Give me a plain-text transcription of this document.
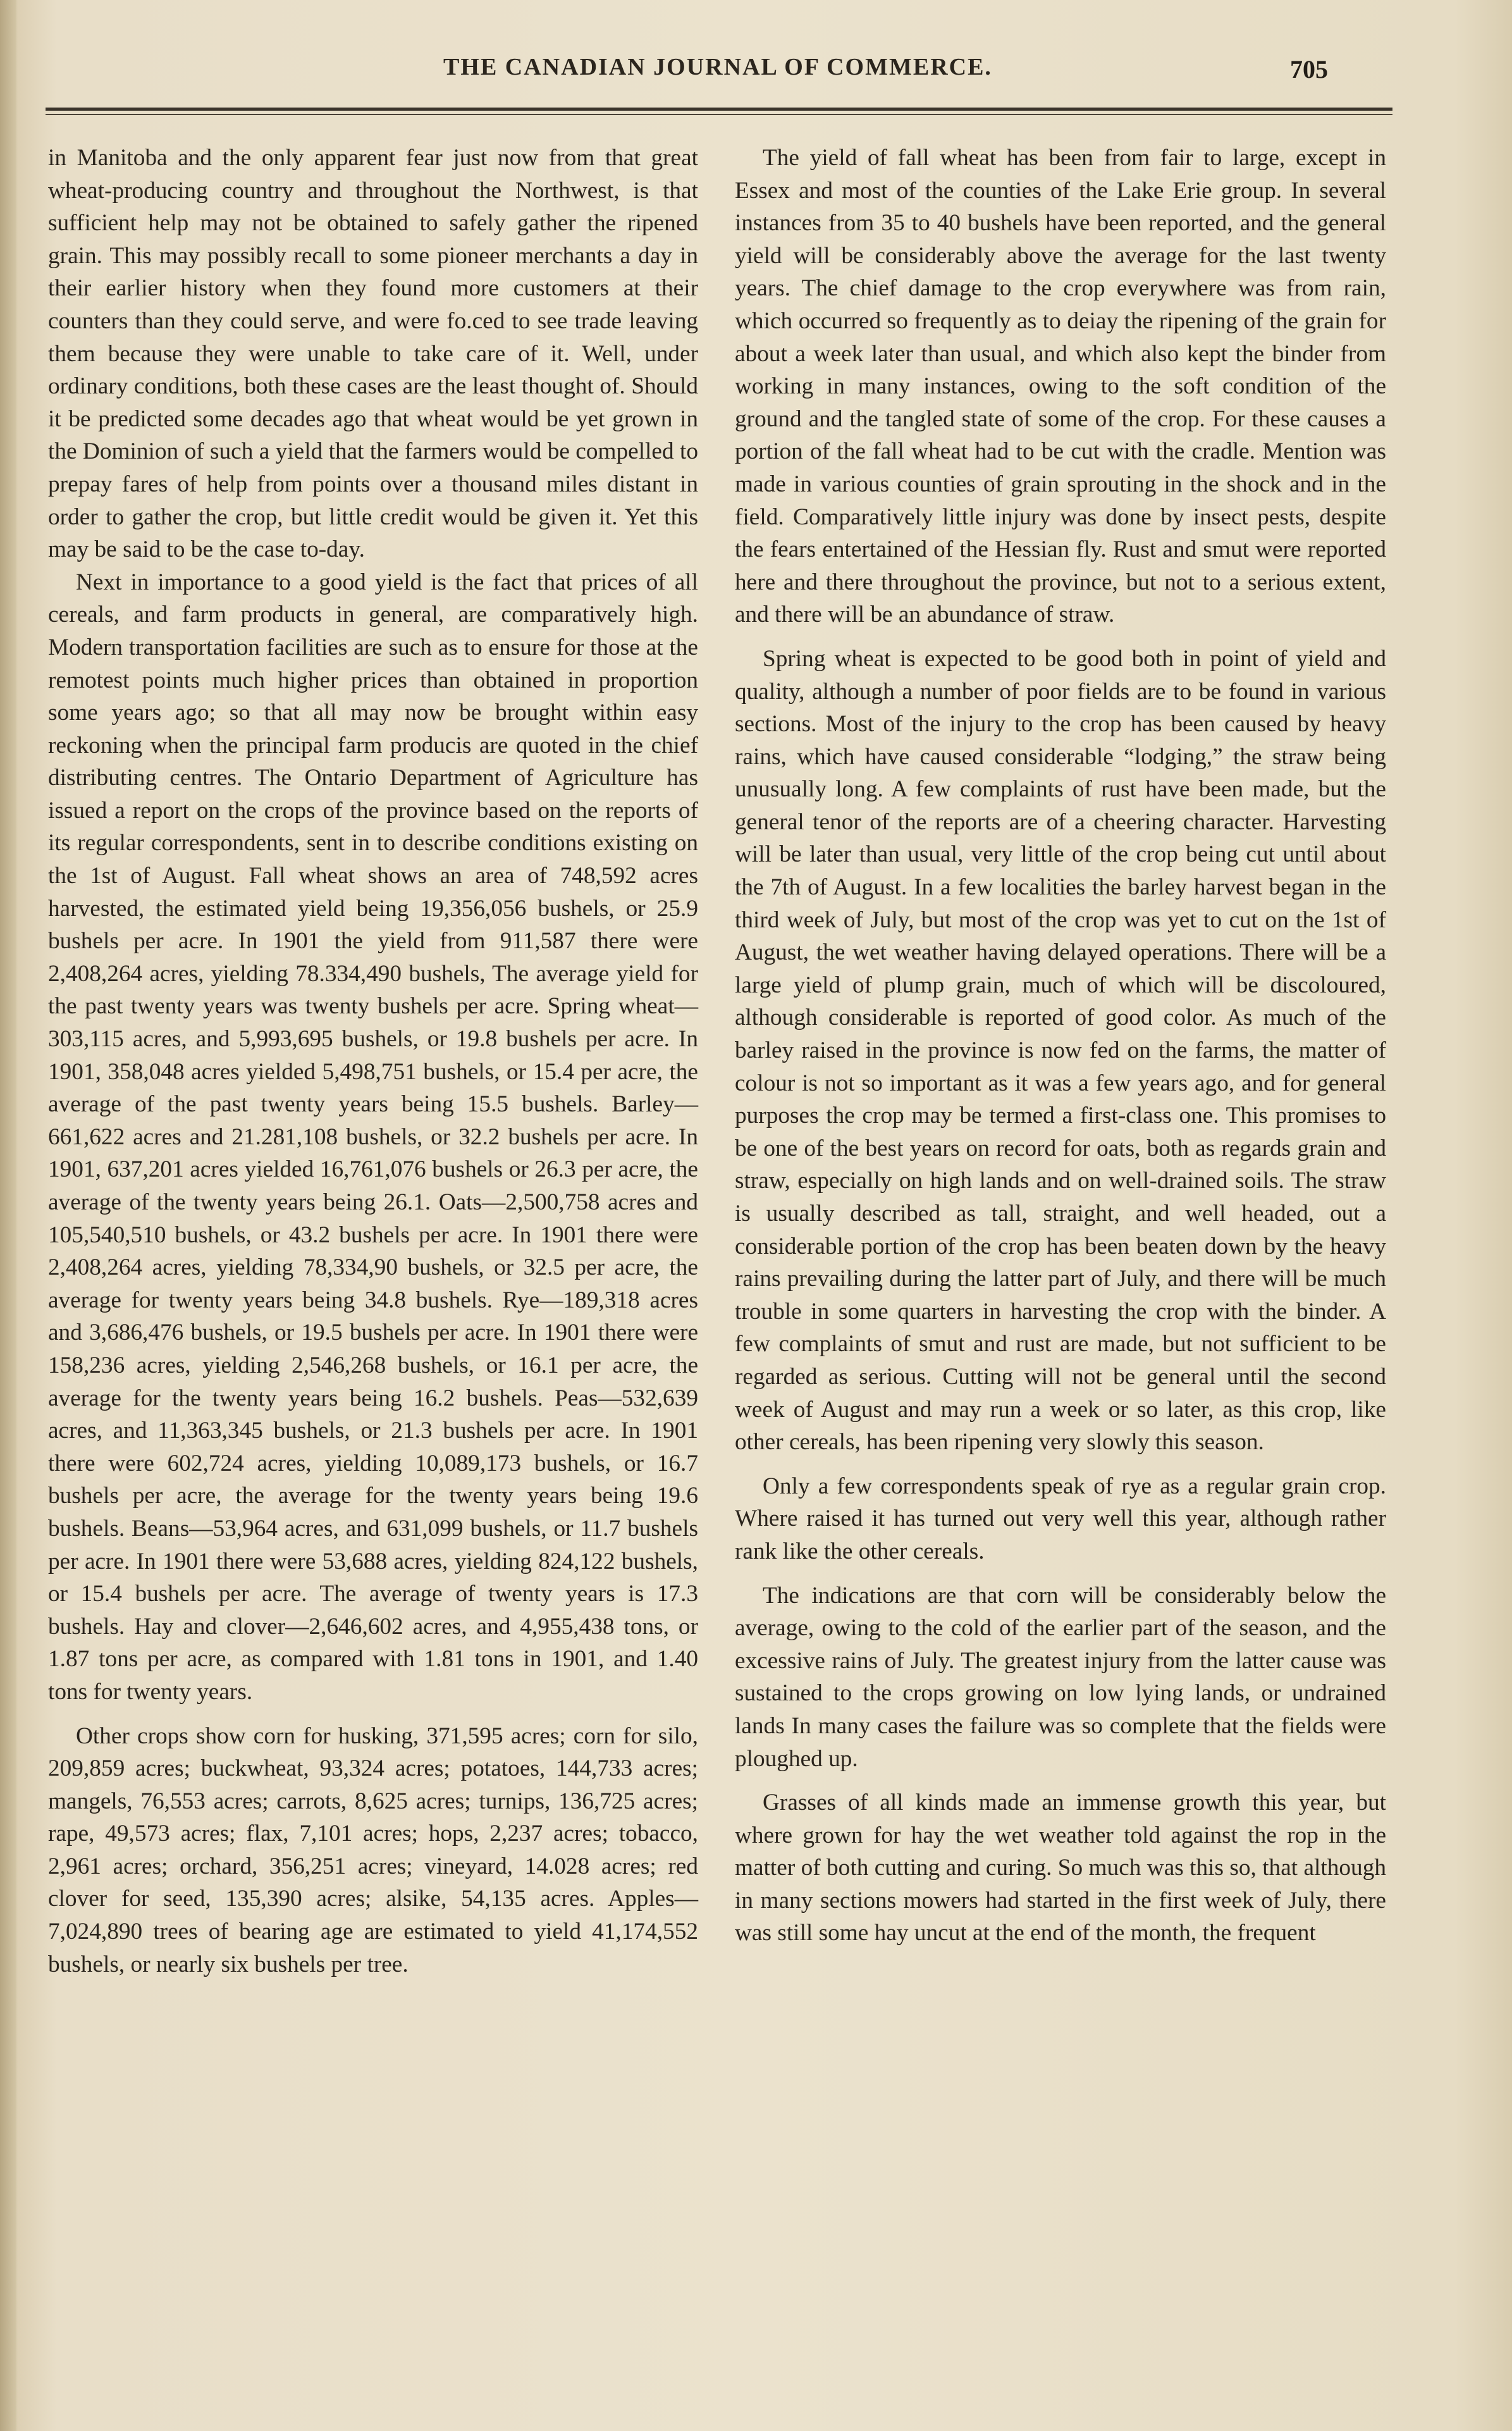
THE CANADIAN JOURNAL OF COMMERCE.	705

in Manitoba and the only apparent fear just now from that great wheat-producing country and throughout the Northwest, is that sufficient help may not be obtained to safely gather the ripened grain. This may possibly recall to some pioneer merchants a day in their earlier history when they found more customers at their counters than they could serve, and were fo.ced to see trade leaving them because they were unable to take care of it. Well, under ordinary conditions, both these cases are the least thought of. Should it be predicted some decades ago that wheat would be yet grown in the Dominion of such a yield that the farmers would be compelled to prepay fares of help from points over a thousand miles distant in order to gather the crop, but little credit would be given it. Yet this may be said to be the case to-day.

Next in importance to a good yield is the fact that prices of all cereals, and farm products in general, are comparatively high. Modern transportation facilities are such as to ensure for those at the remotest points much higher prices than obtained in proportion some years ago; so that all may now be brought within easy reckoning when the principal farm producis are quoted in the chief distributing centres. The Ontario Department of Agriculture has issued a report on the crops of the province based on the reports of its regular correspondents, sent in to describe conditions existing on the 1st of August. Fall wheat shows an area of 748,592 acres harvested, the estimated yield being 19,356,056 bushels, or 25.9 bushels per acre. In 1901 the yield from 911,587 there were 2,408,264 acres, yielding 78.334,490 bushels, The average yield for the past twenty years was twenty bushels per acre. Spring wheat—303,115 acres, and 5,993,695 bushels, or 19.8 bushels per acre. In 1901, 358,048 acres yielded 5,498,751 bushels, or 15.4 per acre, the average of the past twenty years being 15.5 bushels. Barley—661,622 acres and 21.281,108 bushels, or 32.2 bushels per acre. In 1901, 637,201 acres yielded 16,761,076 bushels or 26.3 per acre, the average of the twenty years being 26.1. Oats—2,500,758 acres and 105,540,510 bushels, or 43.2 bushels per acre. In 1901 there were 2,408,264 acres, yielding 78,334,90 bushels, or 32.5 per acre, the average for twenty years being 34.8 bushels. Rye—189,318 acres and 3,686,476 bushels, or 19.5 bushels per acre. In 1901 there were 158,236 acres, yielding 2,546,268 bushels, or 16.1 per acre, the average for the twenty years being 16.2 bushels. Peas—532,639 acres, and 11,363,345 bushels, or 21.3 bushels per acre. In 1901 there were 602,724 acres, yielding 10,089,173 bushels, or 16.7 bushels per acre, the average for the twenty years being 19.6 bushels. Beans—53,964 acres, and 631,099 bushels, or 11.7 bushels per acre. In 1901 there were 53,688 acres, yielding 824,122 bushels, or 15.4 bushels per acre. The average of twenty years is 17.3 bushels. Hay and clover—2,646,602 acres, and 4,955,438 tons, or 1.87 tons per acre, as compared with 1.81 tons in 1901, and 1.40 tons for twenty years.

Other crops show corn for husking, 371,595 acres; corn for silo, 209,859 acres; buckwheat, 93,324 acres; potatoes, 144,733 acres; mangels, 76,553 acres; carrots, 8,625 acres; turnips, 136,725 acres; rape, 49,573 acres; flax, 7,101 acres; hops, 2,237 acres; tobacco, 2,961 acres; orchard, 356,251 acres; vineyard, 14.028 acres; red clover for seed, 135,390 acres; alsike, 54,135 acres. Apples—7,024,890 trees of bearing age are estimated to yield 41,174,552 bushels, or nearly six bushels per tree.

The yield of fall wheat has been from fair to large, except in Essex and most of the counties of the Lake Erie group. In several instances from 35 to 40 bushels have been reported, and the general yield will be considerably above the average for the last twenty years. The chief damage to the crop everywhere was from rain, which occurred so frequently as to deiay the ripening of the grain for about a week later than usual, and which also kept the binder from working in many instances, owing to the soft condition of the ground and the tangled state of some of the crop. For these causes a portion of the fall wheat had to be cut with the cradle. Mention was made in various counties of grain sprouting in the shock and in the field. Comparatively little injury was done by insect pests, despite the fears entertained of the Hessian fly. Rust and smut were reported here and there throughout the province, but not to a serious extent, and there will be an abundance of straw.

Spring wheat is expected to be good both in point of yield and quality, although a number of poor fields are to be found in various sections. Most of the injury to the crop has been caused by heavy rains, which have caused considerable “lodging,” the straw being unusually long. A few complaints of rust have been made, but the general tenor of the reports are of a cheering character. Harvesting will be later than usual, very little of the crop being cut until about the 7th of August. In a few localities the barley harvest began in the third week of July, but most of the crop was yet to cut on the 1st of August, the wet weather having delayed operations. There will be a large yield of plump grain, much of which will be discoloured, although considerable is reported of good color. As much of the barley raised in the province is now fed on the farms, the matter of colour is not so important as it was a few years ago, and for general purposes the crop may be termed a first-class one. This promises to be one of the best years on record for oats, both as regards grain and straw, especially on high lands and on well-drained soils. The straw is usually described as tall, straight, and well headed, out a considerable portion of the crop has been beaten down by the heavy rains prevailing during the latter part of July, and there will be much trouble in some quarters in harvesting the crop with the binder. A few complaints of smut and rust are made, but not sufficient to be regarded as serious. Cutting will not be general until the second week of August and may run a week or so later, as this crop, like other cereals, has been ripening very slowly this season.

Only a few correspondents speak of rye as a regular grain crop. Where raised it has turned out very well this year, although rather rank like the other cereals.

The indications are that corn will be considerably below the average, owing to the cold of the earlier part of the season, and the excessive rains of July. The greatest injury from the latter cause was sustained to the crops growing on low lying lands, or undrained lands In many cases the failure was so complete that the fields were ploughed up.

Grasses of all kinds made an immense growth this year, but where grown for hay the wet weather told against the rop in the matter of both cutting and curing. So much was this so, that although in many sections mowers had started in the first week of July, there was still some hay uncut at the end of the month, the frequent
